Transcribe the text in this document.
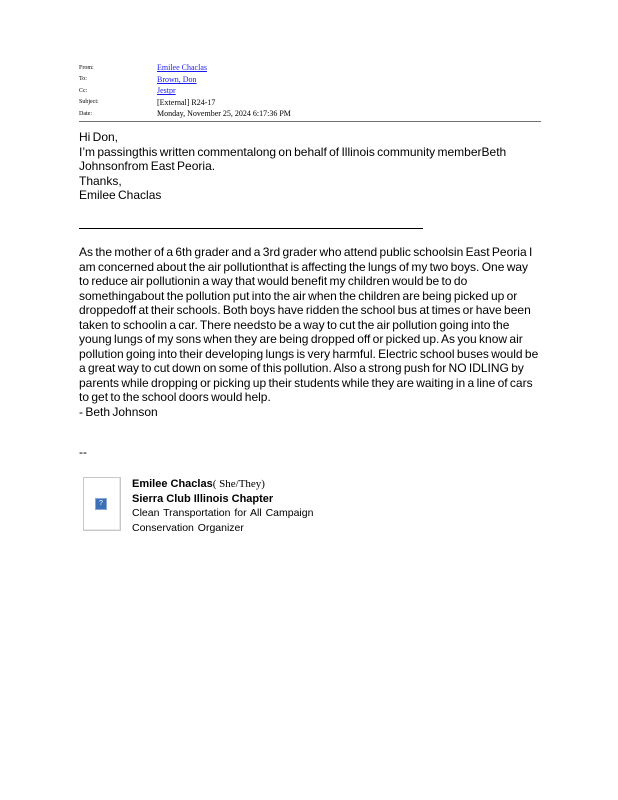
From:	Emilee Chaclas
To:	Brown, Don
Cc:	Jestpr
Subject:	[External] R24-17
Date:	Monday, November 25, 2024 6:17:36 PM
Hi Don,
I’m passingthis written commentalong on behalf of Illinois community memberBeth Johnsonfrom East Peoria.
Thanks,
Emilee Chaclas
As the mother of a 6th grader and a 3rd grader who attend public schoolsin East Peoria I am concerned about the air pollutionthat is affecting the lungs of my two boys. One way to reduce air pollutionin a way that would benefit my children would be to do somethingabout the pollution put into the air when the children are being picked up or droppedoff at their schools. Both boys have ridden the school bus at times or have been taken to schoolin a car. There needsto be a way to cut the air pollution going into the young lungs of my sons when they are being dropped off or picked up. As you know air pollution going into their developing lungs is very harmful. Electric school buses would be a great way to cut down on some of this pollution. Also a strong push for NO IDLING by parents while dropping or picking up their students while they are waiting in a line of cars to get to the school doors would help.
- Beth Johnson
--
?
Emilee Chaclas( She/They)
Sierra Club Illinois Chapter
Clean Transportation for All Campaign
Conservation Organizer
